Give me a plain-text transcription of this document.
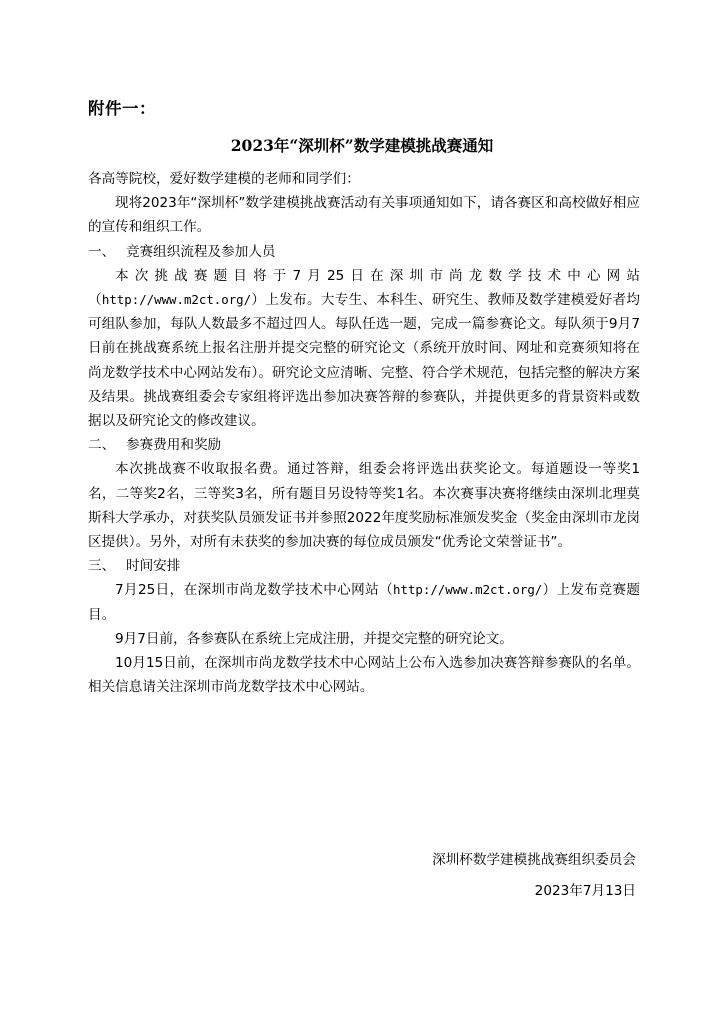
附件一：
2023年“深圳杯”数学建模挑战赛通知

各高等院校，爱好数学建模的老师和同学们：

现将2023年“深圳杯”数学建模挑战赛活动有关事项通知如下，请各赛区和高校做好相应的宣传和组织工作。

一、 竞赛组织流程及参加人员

本次挑战赛题目将于7月25日在深圳市尚龙数学技术中心网站（http://www.m2ct.org/）上发布。大专生、本科生、研究生、教师及数学建模爱好者均可组队参加，每队人数最多不超过四人。每队任选一题，完成一篇参赛论文。每队须于9月7日前在挑战赛系统上报名注册并提交完整的研究论文（系统开放时间、网址和竞赛须知将在尚龙数学技术中心网站发布）。研究论文应清晰、完整、符合学术规范，包括完整的解决方案及结果。挑战赛组委会专家组将评选出参加决赛答辩的参赛队，并提供更多的背景资料或数据以及研究论文的修改建议。

二、 参赛费用和奖励

本次挑战赛不收取报名费。通过答辩，组委会将评选出获奖论文。每道题设一等奖1名，二等奖2名，三等奖3名，所有题目另设特等奖1名。本次赛事决赛将继续由深圳北理莫斯科大学承办，对获奖队员颁发证书并参照2022年度奖励标准颁发奖金（奖金由深圳市龙岗区提供）。另外，对所有未获奖的参加决赛的每位成员颁发“优秀论文荣誉证书”。

三、 时间安排

7月25日，在深圳市尚龙数学技术中心网站（http://www.m2ct.org/）上发布竞赛题目。

9月7日前，各参赛队在系统上完成注册，并提交完整的研究论文。

10月15日前，在深圳市尚龙数学技术中心网站上公布入选参加决赛答辩参赛队的名单。相关信息请关注深圳市尚龙数学技术中心网站。

深圳杯数学建模挑战赛组织委员会
2023年7月13日
